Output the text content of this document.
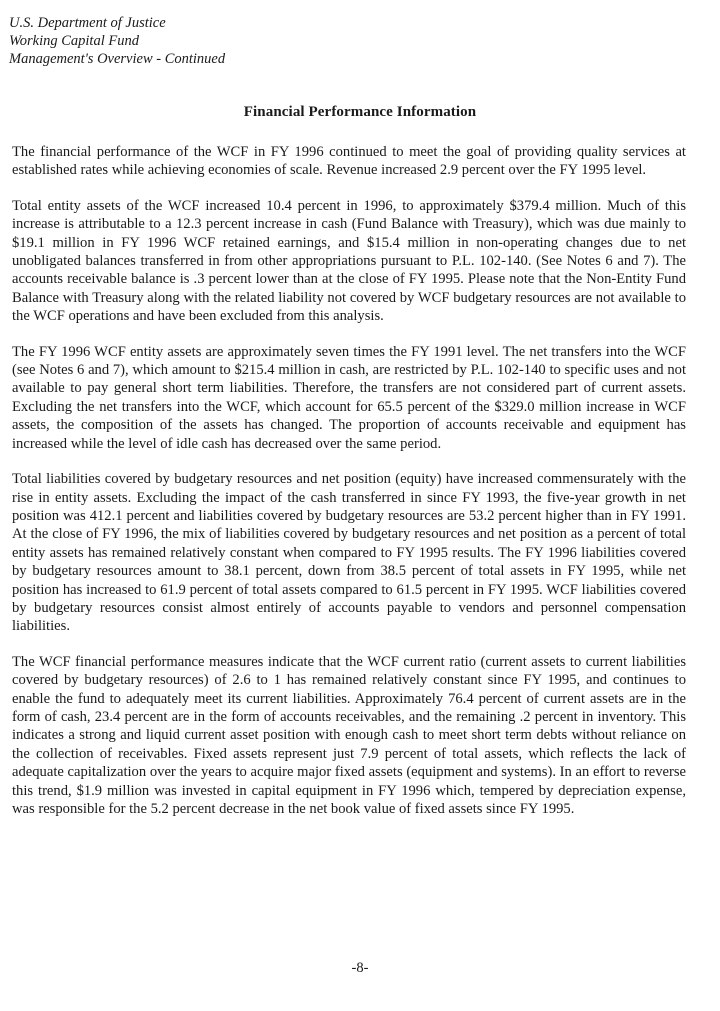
U.S. Department of Justice
Working Capital Fund
Management's Overview - Continued
Financial Performance Information

The financial performance of the WCF in FY 1996 continued to meet the goal of providing quality services at established rates while achieving economies of scale. Revenue increased 2.9 percent over the FY 1995 level.

Total entity assets of the WCF increased 10.4 percent in 1996, to approximately $379.4 million. Much of this increase is attributable to a 12.3 percent increase in cash (Fund Balance with Treasury), which was due mainly to $19.1 million in FY 1996 WCF retained earnings, and $15.4 million in non-operating changes due to net unobligated balances transferred in from other appropriations pursuant to P.L. 102-140. (See Notes 6 and 7). The accounts receivable balance is .3 percent lower than at the close of FY 1995. Please note that the Non-Entity Fund Balance with Treasury along with the related liability not covered by WCF budgetary resources are not available to the WCF operations and have been excluded from this analysis.

The FY 1996 WCF entity assets are approximately seven times the FY 1991 level. The net transfers into the WCF (see Notes 6 and 7), which amount to $215.4 million in cash, are restricted by P.L. 102-140 to specific uses and not available to pay general short term liabilities. Therefore, the transfers are not considered part of current assets. Excluding the net transfers into the WCF, which account for 65.5 percent of the $329.0 million increase in WCF assets, the composition of the assets has changed. The proportion of accounts receivable and equipment has increased while the level of idle cash has decreased over the same period.

Total liabilities covered by budgetary resources and net position (equity) have increased commensurately with the rise in entity assets. Excluding the impact of the cash transferred in since FY 1993, the five-year growth in net position was 412.1 percent and liabilities covered by budgetary resources are 53.2 percent higher than in FY 1991. At the close of FY 1996, the mix of liabilities covered by budgetary resources and net position as a percent of total entity assets has remained relatively constant when compared to FY 1995 results. The FY 1996 liabilities covered by budgetary resources amount to 38.1 percent, down from 38.5 percent of total assets in FY 1995, while net position has increased to 61.9 percent of total assets compared to 61.5 percent in FY 1995. WCF liabilities covered by budgetary resources consist almost entirely of accounts payable to vendors and personnel compensation liabilities.

The WCF financial performance measures indicate that the WCF current ratio (current assets to current liabilities covered by budgetary resources) of 2.6 to 1 has remained relatively constant since FY 1995, and continues to enable the fund to adequately meet its current liabilities. Approximately 76.4 percent of current assets are in the form of cash, 23.4 percent are in the form of accounts receivables, and the remaining .2 percent in inventory. This indicates a strong and liquid current asset position with enough cash to meet short term debts without reliance on the collection of receivables. Fixed assets represent just 7.9 percent of total assets, which reflects the lack of adequate capitalization over the years to acquire major fixed assets (equipment and systems). In an effort to reverse this trend, $1.9 million was invested in capital equipment in FY 1996 which, tempered by depreciation expense, was responsible for the 5.2 percent decrease in the net book value of fixed assets since FY 1995.

-8-
